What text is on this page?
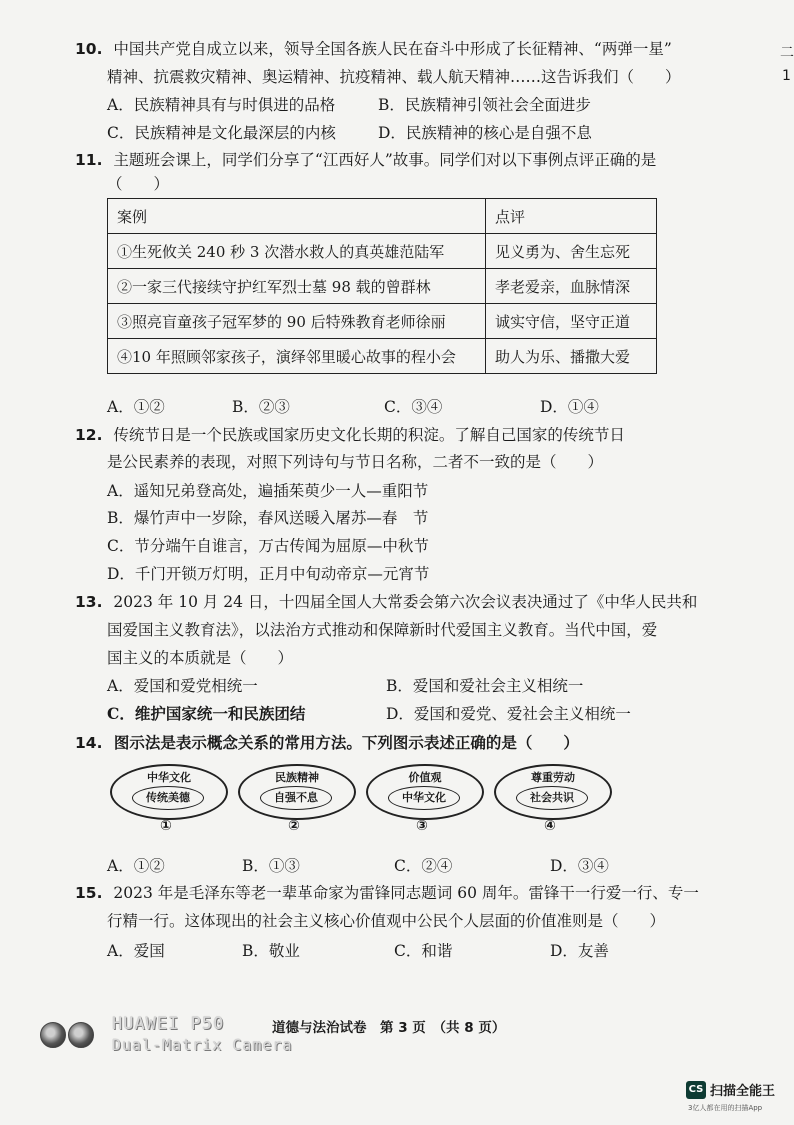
10. 中国共产党自成立以来，领导全国各族人民在奋斗中形成了长征精神、“两弹一星”
精神、抗震救灾精神、奥运精神、抗疫精神、载人航天精神……这告诉我们（　　）
A．民族精神具有与时俱进的品格	B．民族精神引领社会全面进步
C．民族精神是文化最深层的内核	D．民族精神的核心是自强不息
11. 主题班会课上，同学们分享了“江西好人”故事。同学们对以下事例点评正确的是
（　　）
案例	点评
①生死攸关 240 秒 3 次潜水救人的真英雄范陆军	见义勇为、舍生忘死
②一家三代接续守护红军烈士墓 98 载的曾群林	孝老爱亲，血脉情深
③照亮盲童孩子冠军梦的 90 后特殊教育老师徐丽	诚实守信，坚守正道
④10 年照顾邻家孩子，演绎邻里暖心故事的程小会	助人为乐、播撒大爱
A．①②	B．②③	C．③④	D．①④
12. 传统节日是一个民族或国家历史文化长期的积淀。了解自己国家的传统节日
是公民素养的表现，对照下列诗句与节日名称，二者不一致的是（　　）
A．遥知兄弟登高处，遍插茱萸少一人—重阳节
B．爆竹声中一岁除，春风送暖入屠苏—春　节
C．节分端午自谁言，万古传闻为屈原—中秋节
D．千门开锁万灯明，正月中旬动帝京—元宵节
13. 2023 年 10 月 24 日，十四届全国人大常委会第六次会议表决通过了《中华人民共和
国爱国主义教育法》，以法治方式推动和保障新时代爱国主义教育。当代中国，爱
国主义的本质就是（　　）
A．爱国和爱党相统一	B．爱国和爱社会主义相统一
C．维护国家统一和民族团结	D．爱国和爱党、爱社会主义相统一
14. 图示法是表示概念关系的常用方法。下列图示表述正确的是（　　）
中华文化
传统美德
①
民族精神
自强不息
②
价值观
中华文化
③
尊重劳动
社会共识
④
A．①②	B．①③	C．②④	D．③④
15. 2023 年是毛泽东等老一辈革命家为雷锋同志题词 60 周年。雷锋干一行爱一行、专一
行精一行。这体现出的社会主义核心价值观中公民个人层面的价值准则是（　　）
A．爱国	B．敬业	C．和谐	D．友善
道德与法治试卷　第 3 页　（共 8 页）
HUAWEI P50
Dual-Matrix Camera
CS 扫描全能王
3亿人都在用的扫描App
二
1
